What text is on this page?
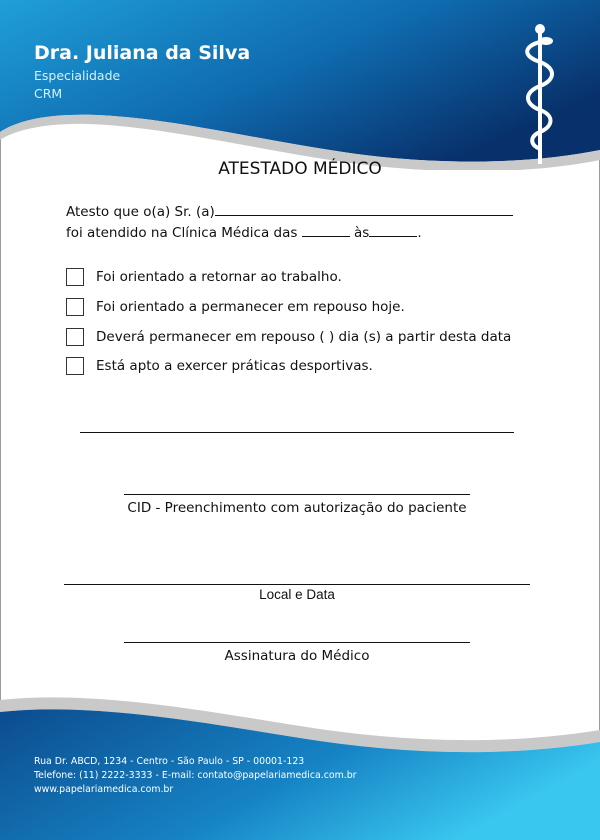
Dra. Juliana da Silva
Especialidade
CRM
ATESTADO MÉDICO
Atesto que o(a) Sr. (a)
foi atendido na Clínica Médica das	às	.
Foi orientado a retornar ao trabalho.
Foi orientado a permanecer em repouso hoje.
Deverá permanecer em repouso ( ) dia (s) a partir desta data
Está apto a exercer práticas desportivas.
CID - Preenchimento com autorização do paciente
Local e Data
Assinatura do Médico
Rua Dr. ABCD, 1234 - Centro - São Paulo - SP - 00001-123
Telefone: (11) 2222-3333 - E-mail: contato@papelariamedica.com.br
www.papelariamedica.com.br
